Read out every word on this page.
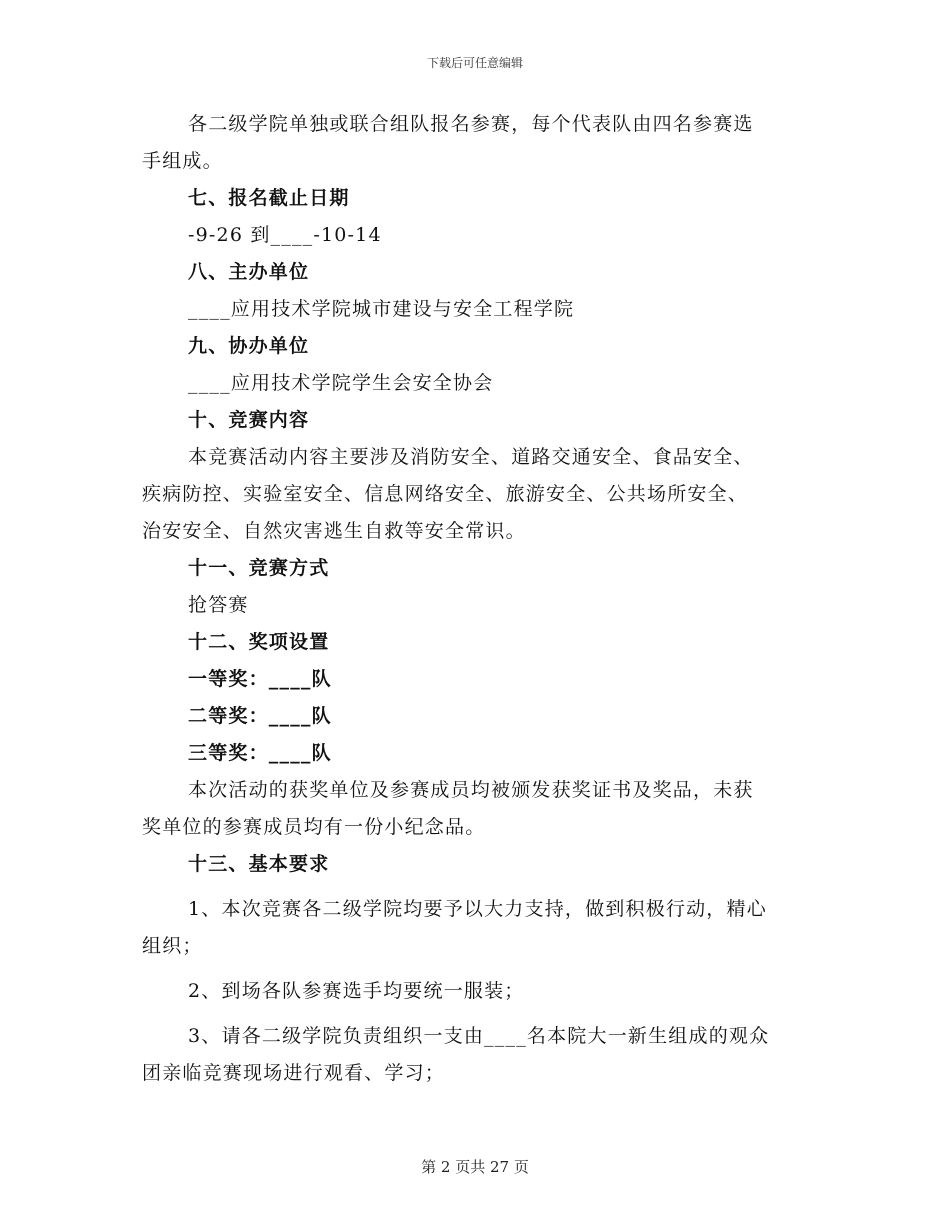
下载后可任意编辑
各二级学院单独或联合组队报名参赛，每个代表队由四名参赛选
手组成。
七、报名截止日期
-9-26 到____-10-14
八、主办单位
____应用技术学院城市建设与安全工程学院
九、协办单位
____应用技术学院学生会安全协会
十、竞赛内容
本竞赛活动内容主要涉及消防安全、道路交通安全、食品安全、
疾病防控、实验室安全、信息网络安全、旅游安全、公共场所安全、
治安安全、自然灾害逃生自救等安全常识。
十一、竞赛方式
抢答赛
十二、奖项设置
一等奖：____队
二等奖：____队
三等奖：____队
本次活动的获奖单位及参赛成员均被颁发获奖证书及奖品，未获
奖单位的参赛成员均有一份小纪念品。
十三、基本要求
1、本次竞赛各二级学院均要予以大力支持，做到积极行动，精心
组织；
2、到场各队参赛选手均要统一服装；
3、请各二级学院负责组织一支由____名本院大一新生组成的观众
团亲临竞赛现场进行观看、学习；
第 2 页共 27 页
